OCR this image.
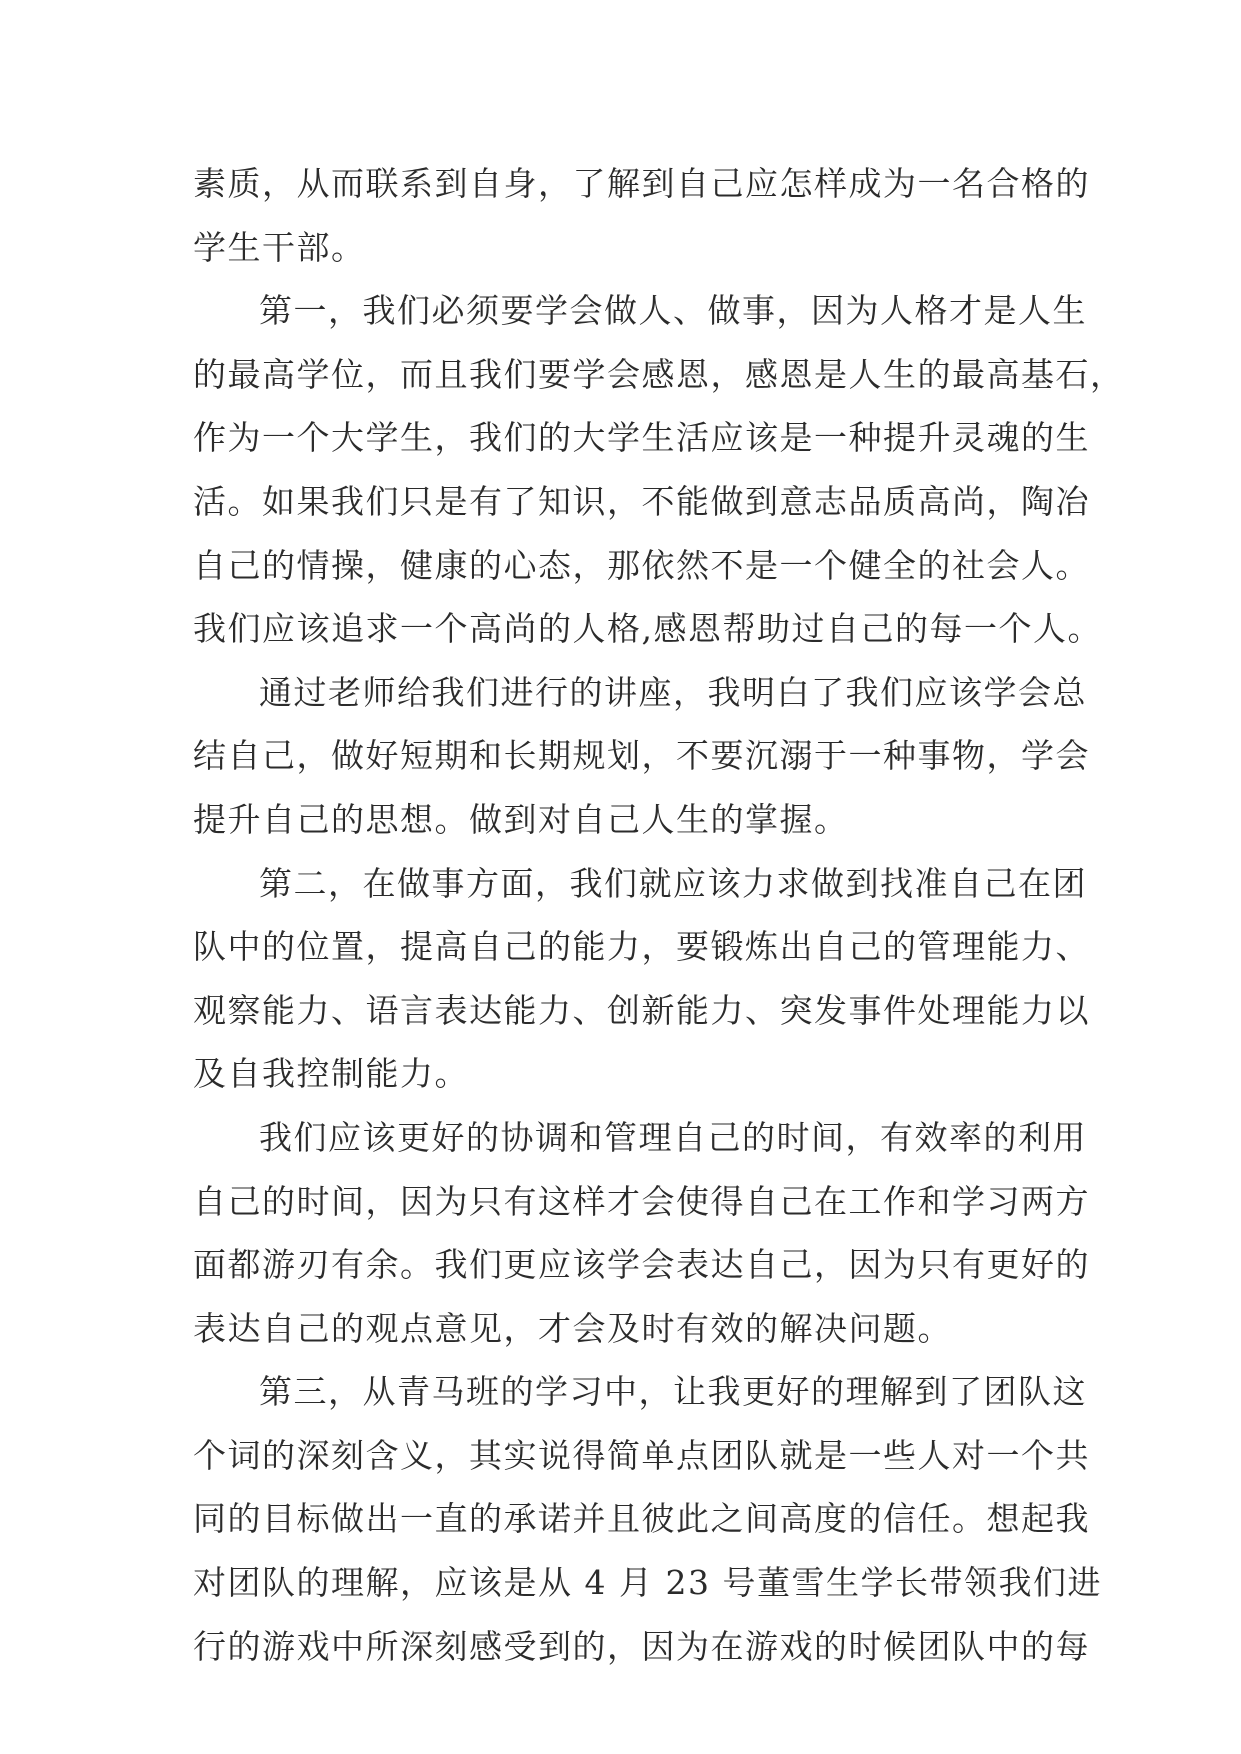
素质，从而联系到自身，了解到自己应怎样成为一名合格的
学生干部。
第一，我们必须要学会做人、做事，因为人格才是人生
的最高学位，而且我们要学会感恩，感恩是人生的最高基石，
作为一个大学生，我们的大学生活应该是一种提升灵魂的生
活。如果我们只是有了知识，不能做到意志品质高尚，陶冶
自己的情操，健康的心态，那依然不是一个健全的社会人。
我们应该追求一个高尚的人格,感恩帮助过自己的每一个人。
通过老师给我们进行的讲座，我明白了我们应该学会总
结自己，做好短期和长期规划，不要沉溺于一种事物，学会
提升自己的思想。做到对自己人生的掌握。
第二，在做事方面，我们就应该力求做到找准自己在团
队中的位置，提高自己的能力，要锻炼出自己的管理能力、
观察能力、语言表达能力、创新能力、突发事件处理能力以
及自我控制能力。
我们应该更好的协调和管理自己的时间，有效率的利用
自己的时间，因为只有这样才会使得自己在工作和学习两方
面都游刃有余。我们更应该学会表达自己，因为只有更好的
表达自己的观点意见，才会及时有效的解决问题。
第三，从青马班的学习中，让我更好的理解到了团队这
个词的深刻含义，其实说得简单点团队就是一些人对一个共
同的目标做出一直的承诺并且彼此之间高度的信任。想起我
对团队的理解，应该是从 4 月 23 号董雪生学长带领我们进
行的游戏中所深刻感受到的，因为在游戏的时候团队中的每
